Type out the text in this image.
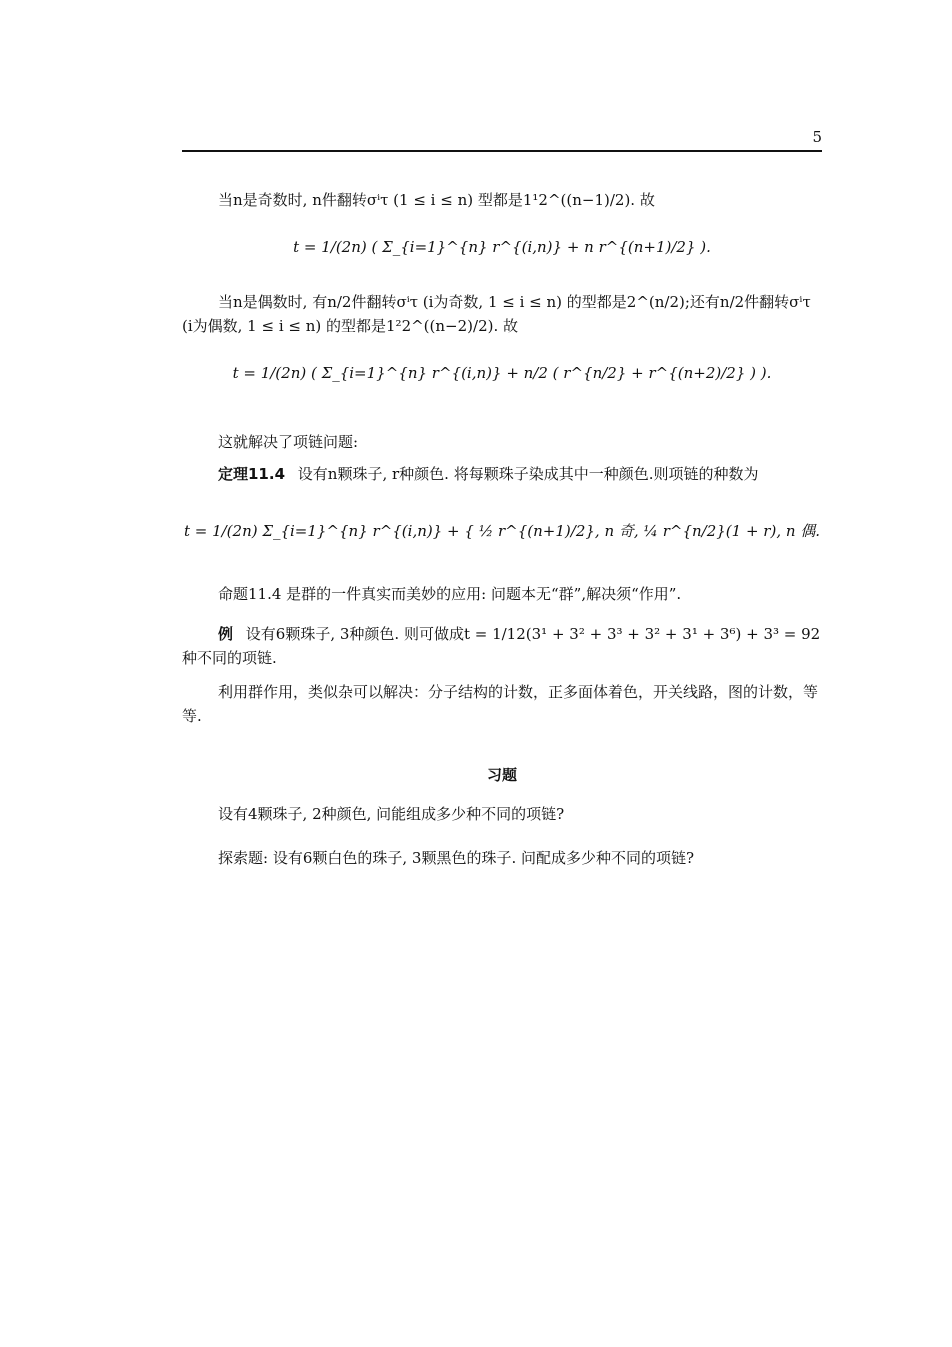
5
当n是奇数时, n件翻转σⁱτ (1 ≤ i ≤ n) 型都是1¹2^((n−1)/2). 故
t = 1/(2n) ( Σ_{i=1}^{n} r^{(i,n)} + n r^{(n+1)/2} ).
当n是偶数时, 有n/2件翻转σⁱτ (i为奇数, 1 ≤ i ≤ n) 的型都是2^(n/2);还有n/2件翻转σⁱτ (i为偶数, 1 ≤ i ≤ n) 的型都是1²2^((n−2)/2). 故
t = 1/(2n) ( Σ_{i=1}^{n} r^{(i,n)} + n/2 ( r^{n/2} + r^{(n+2)/2} ) ).
这就解决了项链问题:
定理11.4 设有n颗珠子, r种颜色. 将每颗珠子染成其中一种颜色.则项链的种数为
t = 1/(2n) Σ_{i=1}^{n} r^{(i,n)} + { ½ r^{(n+1)/2}, n 奇, ¼ r^{n/2}(1 + r), n 偶.
命题11.4 是群的一件真实而美妙的应用: 问题本无“群”,解决须“作用”.
例 设有6颗珠子, 3种颜色. 则可做成t = 1/12(3¹ + 3² + 3³ + 3² + 3¹ + 3⁶) + 3³ = 92 种不同的项链.
利用群作用，类似杂可以解决：分子结构的计数，正多面体着色，开关线路，图的计数，等等.
习题
设有4颗珠子, 2种颜色, 问能组成多少种不同的项链?
探索题: 设有6颗白色的珠子, 3颗黑色的珠子. 问配成多少种不同的项链?
